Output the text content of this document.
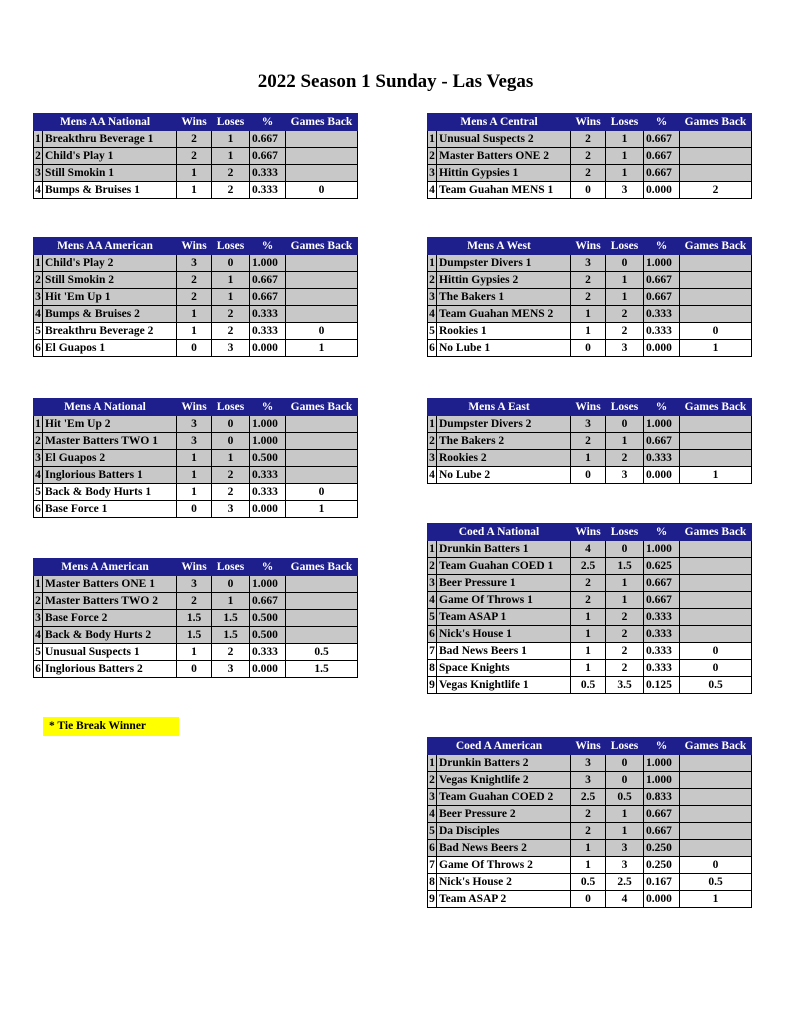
2022 Season 1 Sunday - Las Vegas
Mens AA National		Wins	Loses	%	Games Back
1	Breakthru Beverage 1	2	1	0.667	
2	Child's Play 1	2	1	0.667	
3	Still Smokin 1	1	2	0.333	
4	Bumps & Bruises 1	1	2	0.333	0
Mens A Central		Wins	Loses	%	Games Back
1	Unusual Suspects 2	2	1	0.667	
2	Master Batters ONE 2	2	1	0.667	
3	Hittin Gypsies 1	2	1	0.667	
4	Team Guahan MENS 1	0	3	0.000	2
Mens AA American		Wins	Loses	%	Games Back
1	Child's Play 2	3	0	1.000	
2	Still Smokin 2	2	1	0.667	
3	Hit 'Em Up 1	2	1	0.667	
4	Bumps & Bruises 2	1	2	0.333	
5	Breakthru Beverage 2	1	2	0.333	0
6	El Guapos 1	0	3	0.000	1
Mens A West		Wins	Loses	%	Games Back
1	Dumpster Divers 1	3	0	1.000	
2	Hittin Gypsies 2	2	1	0.667	
3	The Bakers 1	2	1	0.667	
4	Team Guahan MENS 2	1	2	0.333	
5	Rookies 1	1	2	0.333	0
6	No Lube 1	0	3	0.000	1
Mens A National		Wins	Loses	%	Games Back
1	Hit 'Em Up 2	3	0	1.000	
2	Master Batters TWO 1	3	0	1.000	
3	El Guapos 2	1	1	0.500	
4	Inglorious Batters 1	1	2	0.333	
5	Back & Body Hurts 1	1	2	0.333	0
6	Base Force 1	0	3	0.000	1
Mens A East		Wins	Loses	%	Games Back
1	Dumpster Divers 2	3	0	1.000	
2	The Bakers 2	2	1	0.667	
3	Rookies 2	1	2	0.333	
4	No Lube 2	0	3	0.000	1
Coed A National		Wins	Loses	%	Games Back
1	Drunkin Batters 1	4	0	1.000	
2	Team Guahan COED 1	2.5	1.5	0.625	
3	Beer Pressure 1	2	1	0.667	
4	Game Of Throws 1	2	1	0.667	
5	Team ASAP 1	1	2	0.333	
6	Nick's House 1	1	2	0.333	
7	Bad News Beers 1	1	2	0.333	0
8	Space Knights	1	2	0.333	0
9	Vegas Knightlife 1	0.5	3.5	0.125	0.5
Mens A American		Wins	Loses	%	Games Back
1	Master Batters ONE 1	3	0	1.000	
2	Master Batters TWO 2	2	1	0.667	
3	Base Force 2	1.5	1.5	0.500	
4	Back & Body Hurts 2	1.5	1.5	0.500	
5	Unusual Suspects 1	1	2	0.333	0.5
6	Inglorious Batters 2	0	3	0.000	1.5
Coed A American		Wins	Loses	%	Games Back
1	Drunkin Batters 2	3	0	1.000	
2	Vegas Knightlife 2	3	0	1.000	
3	Team Guahan COED 2	2.5	0.5	0.833	
4	Beer Pressure 2	2	1	0.667	
5	Da Disciples	2	1	0.667	
6	Bad News Beers 2	1	3	0.250	
7	Game Of Throws 2	1	3	0.250	0
8	Nick's House 2	0.5	2.5	0.167	0.5
9	Team ASAP 2	0	4	0.000	1
* Tie Break Winner
